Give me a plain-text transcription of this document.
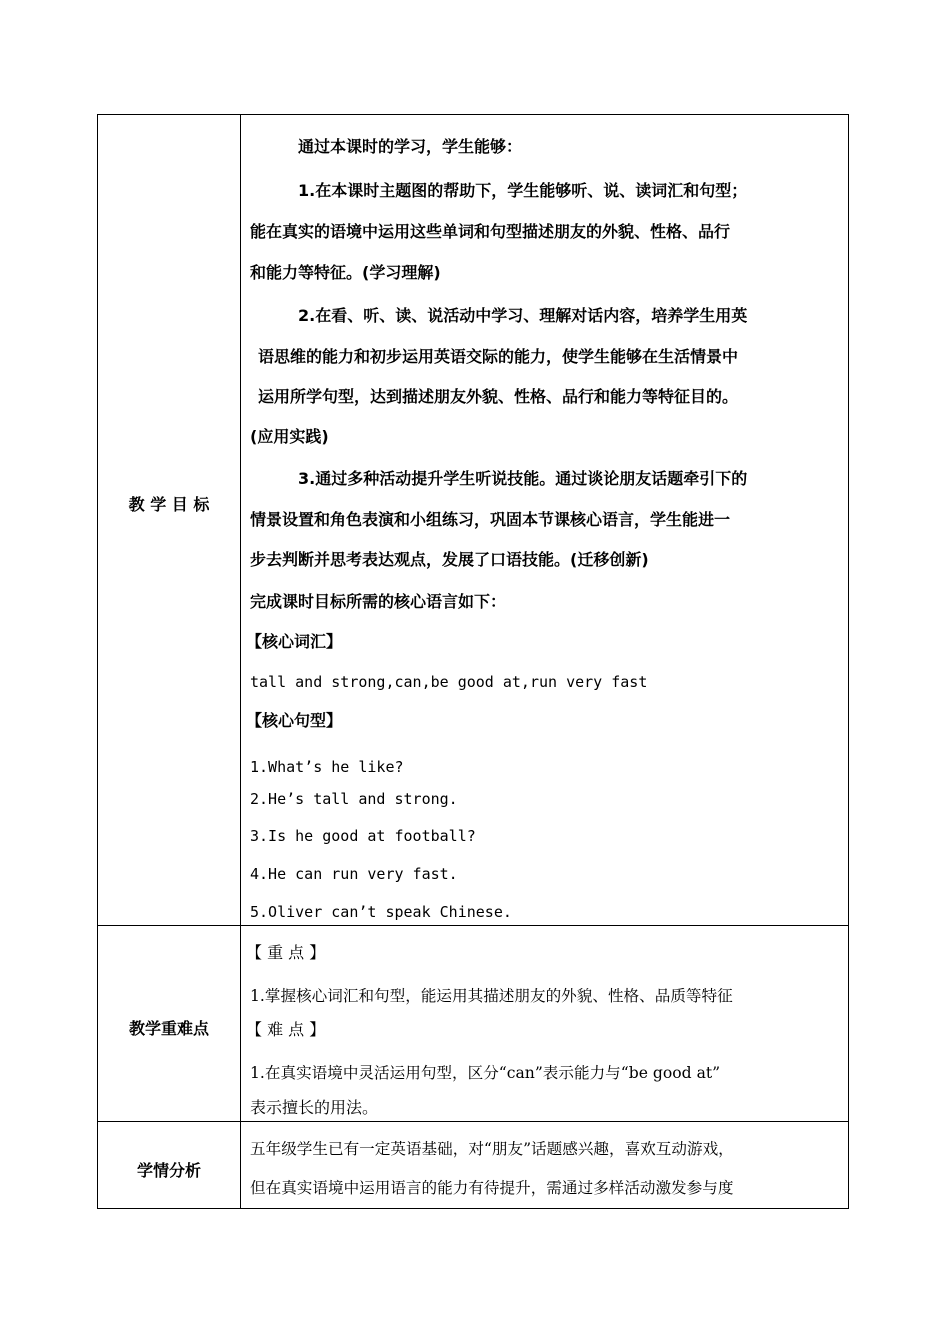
教 学 目 标
通过本课时的学习，学生能够：
1.在本课时主题图的帮助下，学生能够听、说、读词汇和句型；
能在真实的语境中运用这些单词和句型描述朋友的外貌、性格、品行
和能力等特征。(学习理解)
2.在看、听、读、说活动中学习、理解对话内容，培养学生用英
语思维的能力和初步运用英语交际的能力，使学生能够在生活情景中
运用所学句型，达到描述朋友外貌、性格、品行和能力等特征目的。
(应用实践)
3.通过多种活动提升学生听说技能。通过谈论朋友话题牵引下的
情景设置和角色表演和小组练习，巩固本节课核心语言，学生能进一
步去判断并思考表达观点，发展了口语技能。(迁移创新)
完成课时目标所需的核心语言如下：
【核心词汇】
tall and strong,can,be good at,run very fast
【核心句型】
1.What’s he like?
2.He’s tall and strong.
3.Is he good at football?
4.He can run very fast.
5.Oliver can’t speak Chinese.
教学重难点
【 重 点 】
1.掌握核心词汇和句型，能运用其描述朋友的外貌、性格、品质等特征
【 难 点 】
1.在真实语境中灵活运用句型，区分“can”表示能力与“be good at”
表示擅长的用法。
学情分析
五年级学生已有一定英语基础，对“朋友”话题感兴趣，喜欢互动游戏，
但在真实语境中运用语言的能力有待提升，需通过多样活动激发参与度
